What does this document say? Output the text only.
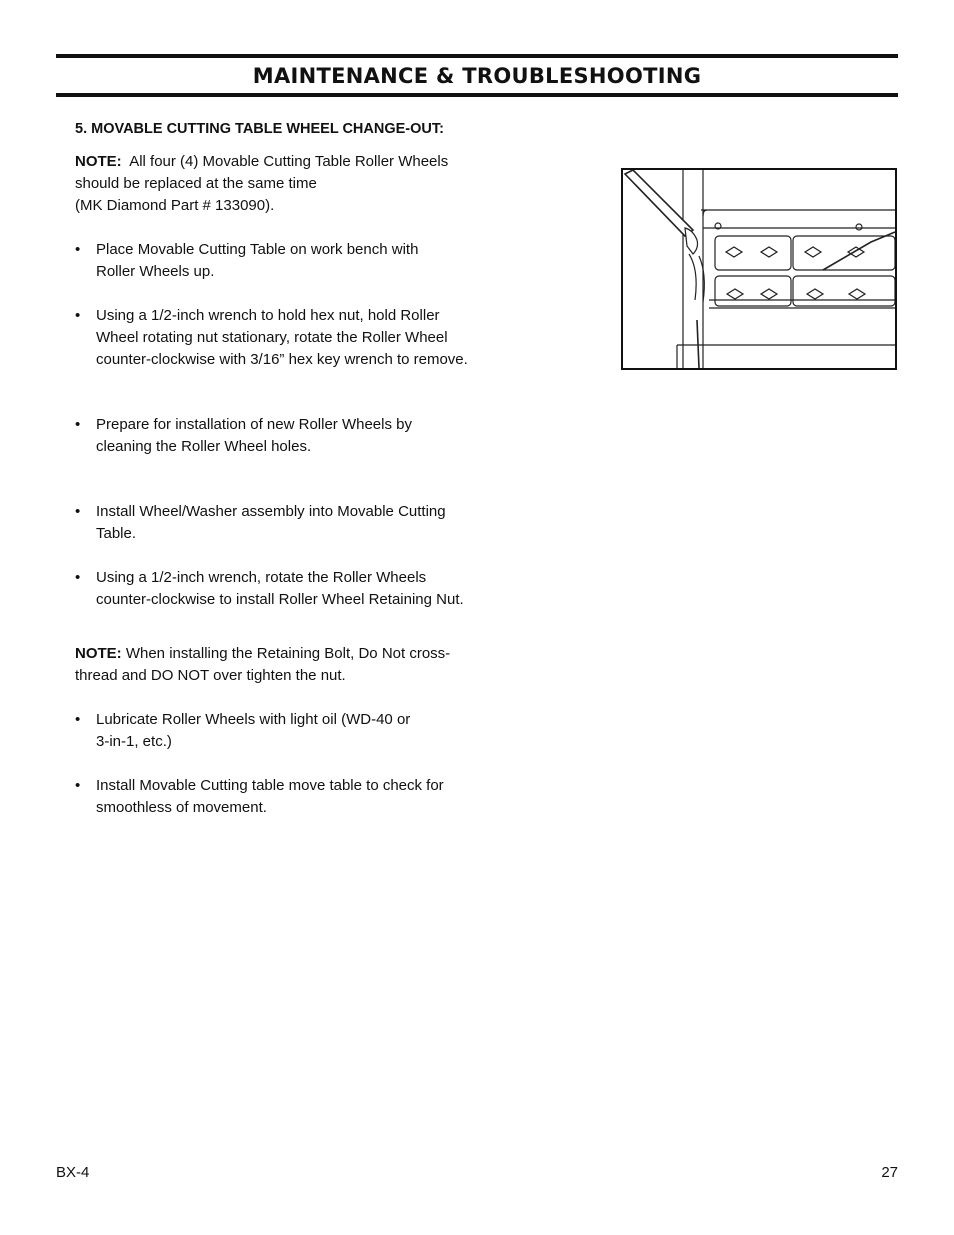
MAINTENANCE & TROUBLESHOOTING

5. MOVABLE CUTTING TABLE WHEEL CHANGE-OUT:

NOTE: All four (4) Movable Cutting Table Roller Wheels
should be replaced at the same time
(MK Diamond Part # 133090).
• Place Movable Cutting Table on work bench with
Roller Wheels up.
• Using a 1/2-inch wrench to hold hex nut, hold Roller
Wheel rotating nut stationary, rotate the Roller Wheel
counter-clockwise with 3/16” hex key wrench to remove.
• Prepare for installation of new Roller Wheels by
cleaning the Roller Wheel holes.
• Install Wheel/Washer assembly into Movable Cutting
Table.
• Using a 1/2-inch wrench, rotate the Roller Wheels
counter-clockwise to install Roller Wheel Retaining Nut.
NOTE: When installing the Retaining Bolt, Do Not cross-
thread and DO NOT over tighten the nut.
• Lubricate Roller Wheels with light oil (WD-40 or
3-in-1, etc.)
• Install Movable Cutting table move table to check for
smoothless of movement.
BX-4	27
